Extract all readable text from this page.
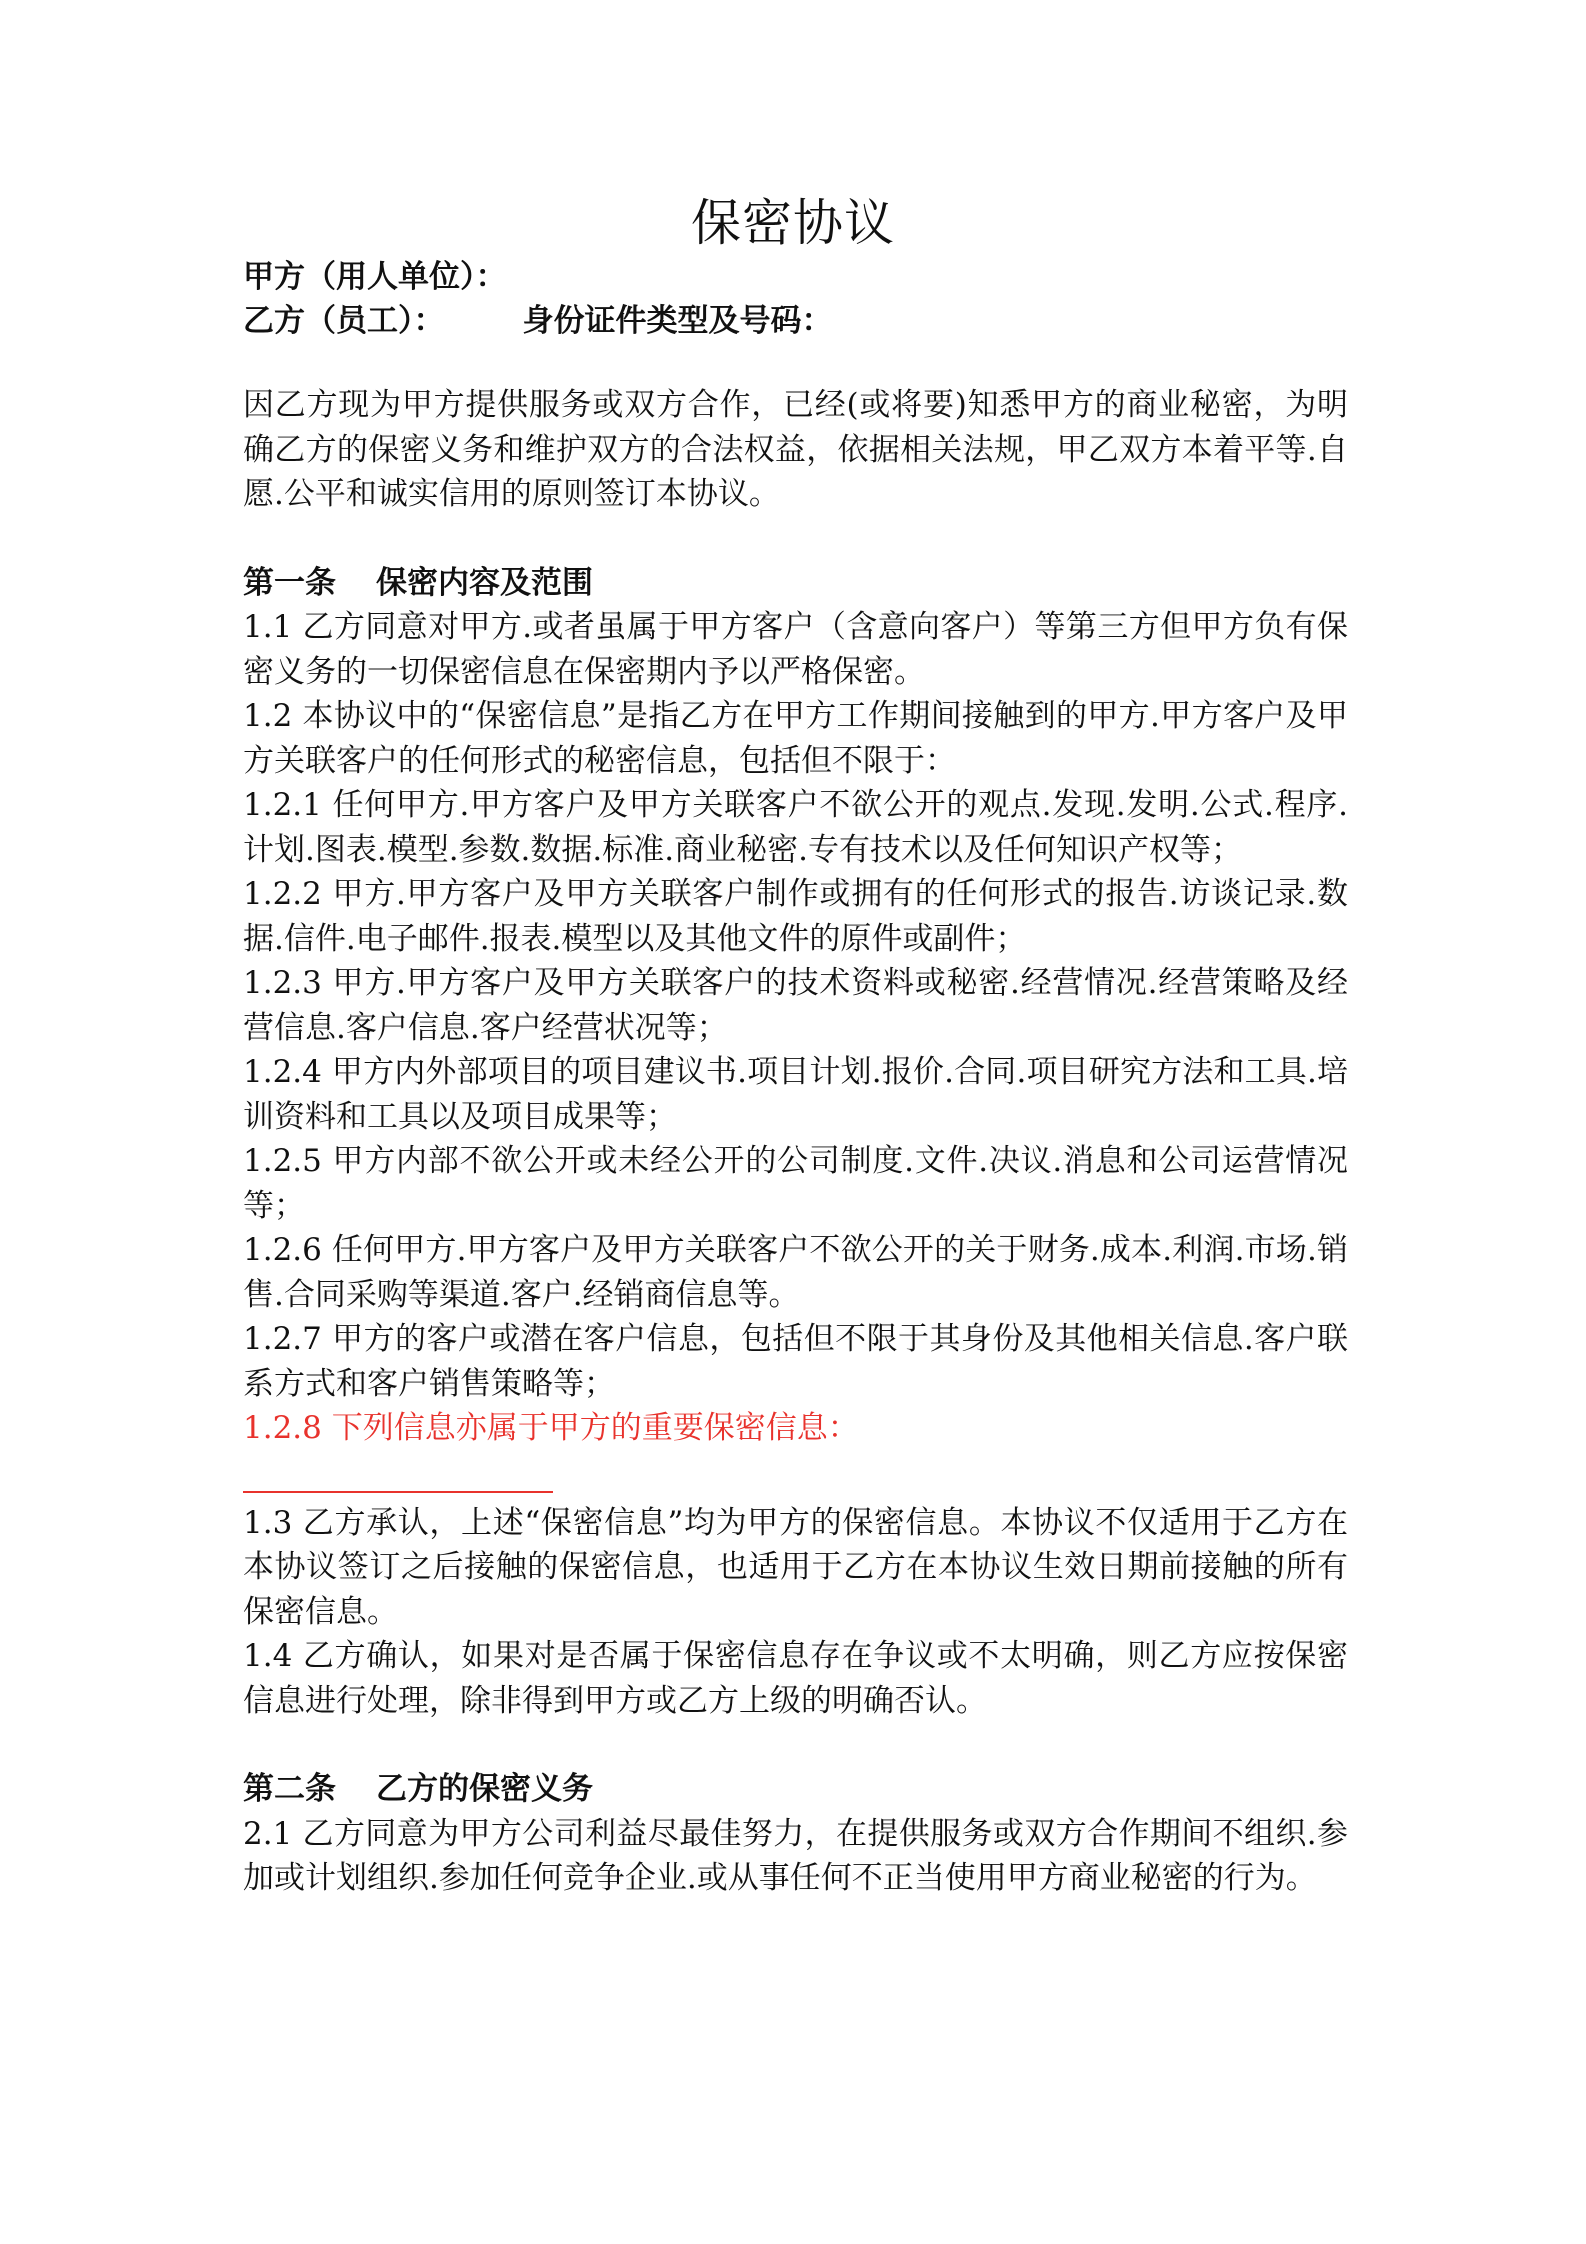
保密协议
甲方（用人单位）：
乙方（员工）：	身份证件类型及号码：

因乙方现为甲方提供服务或双方合作，已经(或将要)知悉甲方的商业秘密，为明确乙方的保密义务和维护双方的合法权益，依据相关法规，甲乙双方本着平等.自愿.公平和诚实信用的原则签订本协议。

第一条 保密内容及范围

1.1 乙方同意对甲方.或者虽属于甲方客户（含意向客户）等第三方但甲方负有保密义务的一切保密信息在保密期内予以严格保密。

1.2 本协议中的“保密信息”是指乙方在甲方工作期间接触到的甲方.甲方客户及甲方关联客户的任何形式的秘密信息，包括但不限于：

1.2.1 任何甲方.甲方客户及甲方关联客户不欲公开的观点.发现.发明.公式.程序.计划.图表.模型.参数.数据.标准.商业秘密.专有技术以及任何知识产权等；

1.2.2 甲方.甲方客户及甲方关联客户制作或拥有的任何形式的报告.访谈记录.数据.信件.电子邮件.报表.模型以及其他文件的原件或副件；

1.2.3 甲方.甲方客户及甲方关联客户的技术资料或秘密.经营情况.经营策略及经营信息.客户信息.客户经营状况等；

1.2.4 甲方内外部项目的项目建议书.项目计划.报价.合同.项目研究方法和工具.培训资料和工具以及项目成果等；

1.2.5 甲方内部不欲公开或未经公开的公司制度.文件.决议.消息和公司运营情况等；

1.2.6 任何甲方.甲方客户及甲方关联客户不欲公开的关于财务.成本.利润.市场.销售.合同采购等渠道.客户.经销商信息等。

1.2.7 甲方的客户或潜在客户信息，包括但不限于其身份及其他相关信息.客户联系方式和客户销售策略等；

1.2.8 下列信息亦属于甲方的重要保密信息：

1.3 乙方承认，上述“保密信息”均为甲方的保密信息。本协议不仅适用于乙方在本协议签订之后接触的保密信息，也适用于乙方在本协议生效日期前接触的所有保密信息。

1.4 乙方确认，如果对是否属于保密信息存在争议或不太明确，则乙方应按保密信息进行处理，除非得到甲方或乙方上级的明确否认。

第二条 乙方的保密义务

2.1 乙方同意为甲方公司利益尽最佳努力，在提供服务或双方合作期间不组织.参加或计划组织.参加任何竞争企业.或从事任何不正当使用甲方商业秘密的行为。
